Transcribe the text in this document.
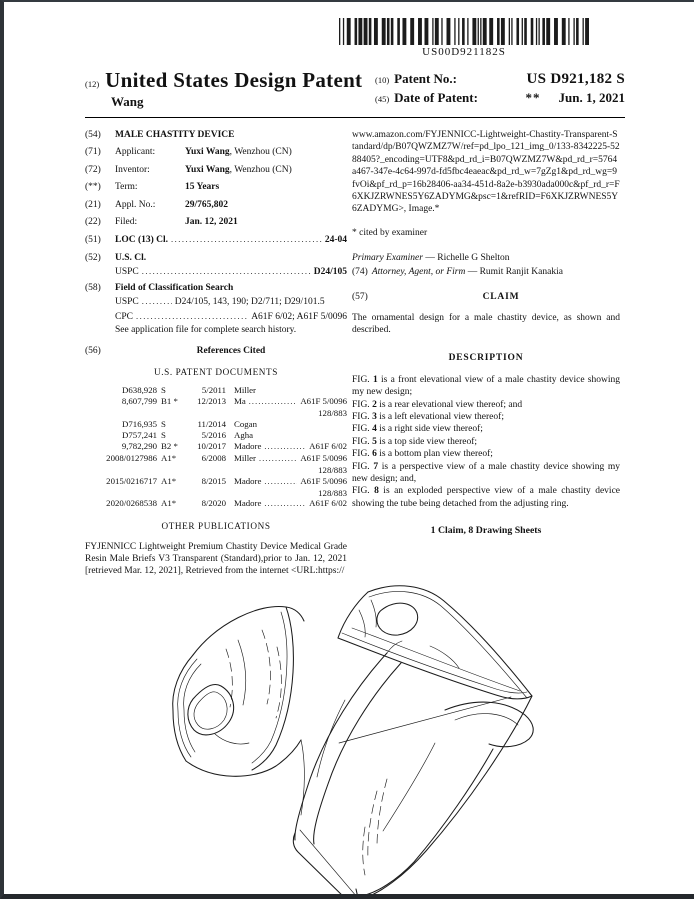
US00D921182S
(12) United States Design Patent
Wang
(10) Patent No.:	US D921,182 S
(45) Date of Patent:	** Jun. 1, 2021
(54)	MALE CHASTITY DEVICE
(71)	Applicant:	Yuxi Wang, Wenzhou (CN)
(72)	Inventor:	Yuxi Wang, Wenzhou (CN)
(**)	Term:	15 Years
(21)	Appl. No.:	29/765,802
(22)	Filed:	Jan. 12, 2021
(51)	LOC (13) Cl. .....	24-04
(52)	U.S. Cl.
USPC .....	D24/105
(58)	Field of Classification Search
USPC .....	D24/105, 143, 190; D2/711; D29/101.5
CPC .....	A61F 6/02; A61F 5/0096
See application file for complete search history.
(56)	References Cited
U.S. PATENT DOCUMENTS
D638,928 S	5/2011 Miller
8,607,799 B1 *	12/2013 Ma .....	A61F 5/0096
128/883
D716,935 S	11/2014 Cogan
D757,241 S	5/2016 Agha
9,782,290 B2 *	10/2017 Madore .....	A61F 6/02
2008/0127986 A1*	6/2008 Miller .....	A61F 5/0096
128/883
2015/0216717 A1*	8/2015 Madore .....	A61F 5/0096
128/883
2020/0268538 A1*	8/2020 Madore .....	A61F 6/02
OTHER PUBLICATIONS
FYJENNICC Lightweight Premium Chastity Device Medical Grade Resin Male Briefs V3 Transparent (Standard),prior to Jan. 12, 2021 [retrieved Mar. 12, 2021], Retrieved from the internet <URL:https://
www.amazon.com/FYJENNICC-Lightweight-Chastity-Transparent-Standard/dp/B07QWZMZ7W/ref=pd_lpo_121_img_0/133-8342225-5288405?_encoding=UTF8&pd_rd_i=B07QWZMZ7W&pd_rd_r=5764a467-347e-4c64-997d-fd5fbc4eaeac&pd_rd_w=7gZg1&pd_rd_wg=9fvOi&pf_rd_p=16b28406-aa34-451d-8a2e-b3930ada000c&pf_rd_r=F6XKJZRWNES5Y6ZADYMG&psc=1&refRID=F6XKJZRWNES5Y6ZADYMG>, Image.*
* cited by examiner
Primary Examiner — Richelle G Shelton
(74) Attorney, Agent, or Firm — Rumit Ranjit Kanakia
(57)	CLAIM
The ornamental design for a male chastity device, as shown and described.
DESCRIPTION

FIG. 1 is a front elevational view of a male chastity device showing my new design;

FIG. 2 is a rear elevational view thereof; and

FIG. 3 is a left elevational view thereof;

FIG. 4 is a right side view thereof;

FIG. 5 is a top side view thereof;

FIG. 6 is a bottom plan view thereof;

FIG. 7 is a perspective view of a male chastity device showing my new design; and,

FIG. 8 is an exploded perspective view of a male chastity device showing the tube being detached from the adjusting ring.

1 Claim, 8 Drawing Sheets
